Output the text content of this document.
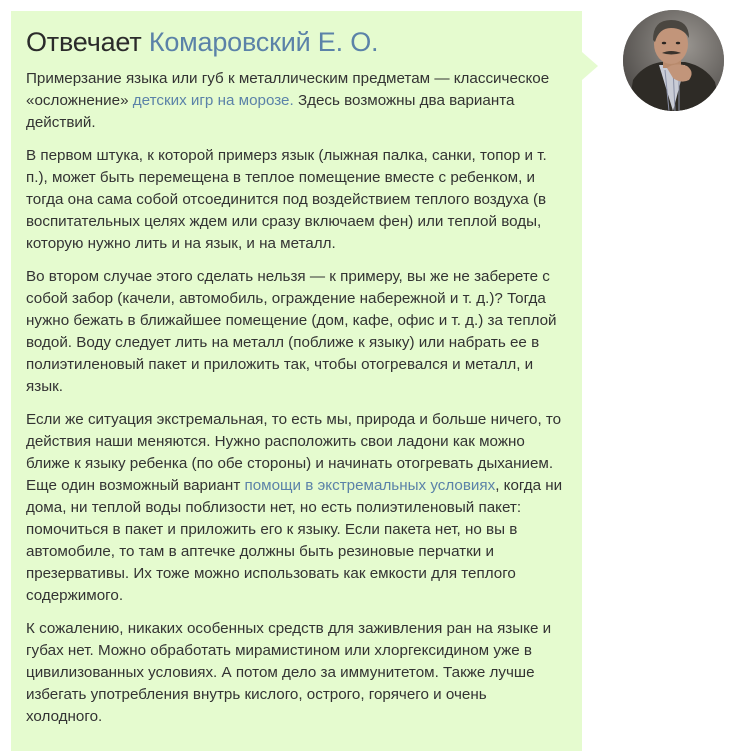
Отвечает Комаровский Е. О.

Примерзание языка или губ к металлическим предметам — классическое «осложнение» детских игр на морозе. Здесь возможны два варианта действий.

В первом штука, к которой примерз язык (лыжная палка, санки, топор и т. п.), может быть перемещена в теплое помещение вместе с ребенком, и тогда она сама собой отсоединится под воздействием теплого воздуха (в воспитательных целях ждем или сразу включаем фен) или теплой воды, которую нужно лить и на язык, и на металл.

Во втором случае этого сделать нельзя — к примеру, вы же не заберете с собой забор (качели, автомобиль, ограждение набережной и т. д.)? Тогда нужно бежать в ближайшее помещение (дом, кафе, офис и т. д.) за теплой водой. Воду следует лить на металл (поближе к языку) или набрать ее в полиэтиленовый пакет и приложить так, чтобы отогревался и металл, и язык.

Если же ситуация экстремальная, то есть мы, природа и больше ничего, то действия наши меняются. Нужно расположить свои ладони как можно ближе к языку ребенка (по обе стороны) и начинать отогревать дыханием. Еще один возможный вариант помощи в экстремальных условиях, когда ни дома, ни теплой воды поблизости нет, но есть полиэтиленовый пакет: помочиться в пакет и приложить его к языку. Если пакета нет, но вы в автомобиле, то там в аптечке должны быть резиновые перчатки и презервативы. Их тоже можно использовать как емкости для теплого содержимого.

К сожалению, никаких особенных средств для заживления ран на языке и губах нет. Можно обработать мирамистином или хлоргексидином уже в цивилизованных условиях. А потом дело за иммунитетом. Также лучше избегать употребления внутрь кислого, острого, горячего и очень холодного.
